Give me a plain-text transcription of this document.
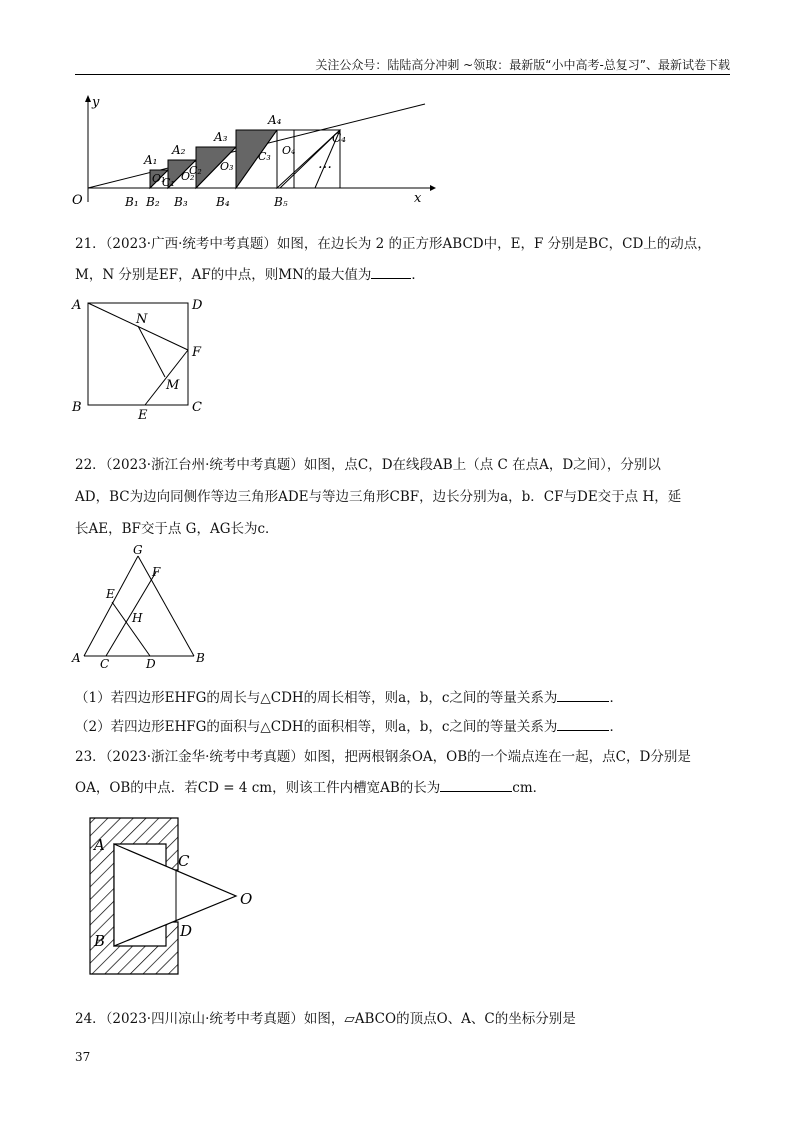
关注公众号：陆陆高分冲刺 ~领取：最新版“小中高考-总复习”、最新试卷下载
y
x
O
A₁
A₂
A₃
A₄
B₁ B₂ B₃ B₄	B₅
O₁
C₁ O₂
C₂ O₃
C₃ O₄
C₄
…
21．（2023·广西·统考中考真题）如图，在边长为 2 的正方形ABCD中，E，F 分别是BC，CD上的动点，
M，N 分别是EF，AF的中点，则MN的最大值为	．
A	D
N
F
M
B
E
C
22．（2023·浙江台州·统考中考真题）如图，点C，D在线段AB上（点 C 在点A，D之间），分别以
AD，BC为边向同侧作等边三角形ADE与等边三角形CBF，边长分别为a，b．CF与DE交于点 H，延
长AE，BF交于点 G，AG长为c．
G
F
E
H
A C	D	B
（1）若四边形EHFG的周长与△CDH的周长相等，则a，b，c之间的等量关系为	．
（2）若四边形EHFG的面积与△CDH的面积相等，则a，b，c之间的等量关系为	．
23．（2023·浙江金华·统考中考真题）如图，把两根钢条OA，OB的一个端点连在一起，点C，D分别是
OA，OB的中点．若CD = 4 cm，则该工件内槽宽AB的长为	cm．
A
C
O
B
D
24．（2023·四川凉山·统考中考真题）如图，▱ABCO的顶点O、A、C的坐标分别是
37
